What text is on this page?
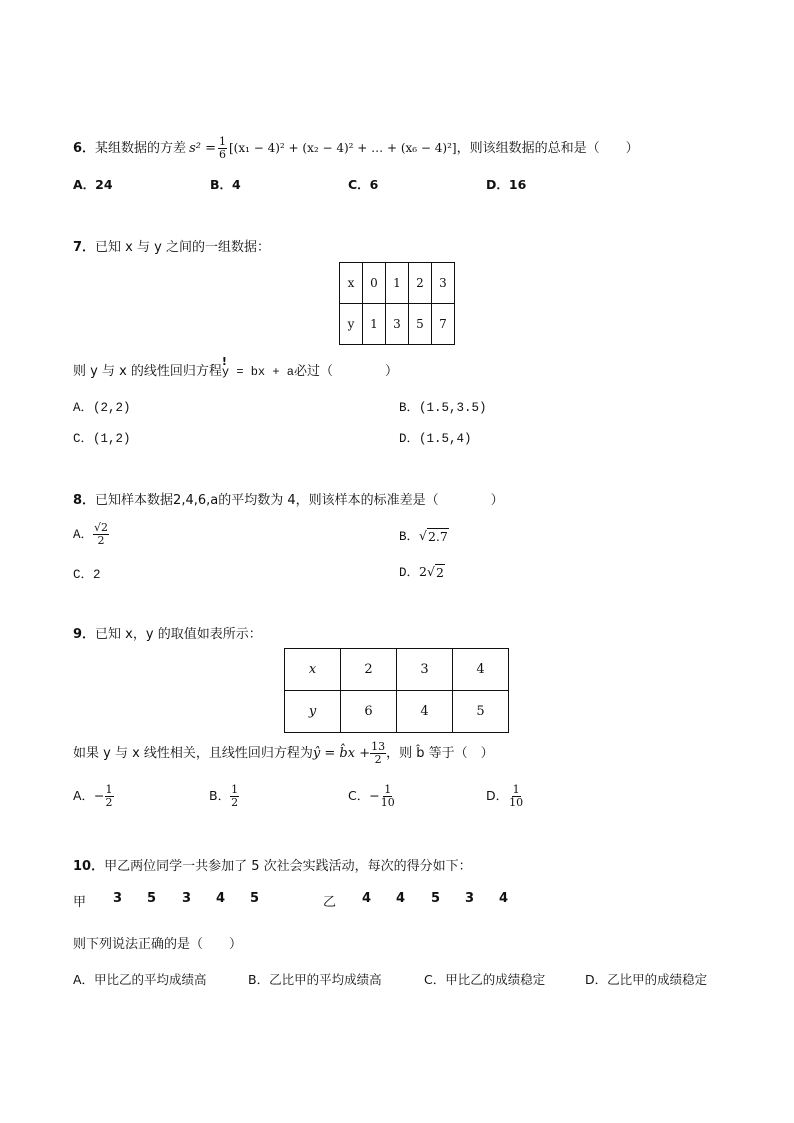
6．某组数据的方差 $s^2 = \frac{1}{6} [(x_1 - 4)^2 + (x_2 - 4)^2$ + … + (x₆ − 4)²]，则该组数据的总和是（　　）
A．24	B．4	C．6	D．16
7．已知 x 与 y 之间的一组数据：
x	0	1	2	3
y	1	3	5	7
则 y 与 x 的线性回归方程
!
y = bx + a必过（　　　　）
A．(2,2)	B．(1.5,3.5)
C．(1,2)	D．(1.5,4)
8．已知样本数据2,4,6,a的平均数为 4，则该样本的标准差是（　　　　）
A． $\frac{√2}{2}$	B．√ 2.7
C．2	D．2√ 2
9．已知 x，y 的取值如表所示：
x	2	3	4
y	6	4	5
如果 y 与 x 线性相关，且线性回归方程为ŷ = b̂x + $\frac{13}{2}$ ，则 b̂ 等于（　）
A．− $\frac{1}{2}$	B． $\frac{1}{2}$	C．− $\frac{1}{10}$	D． $\frac{1}{10}$
10．甲乙两位同学一共参加了 5 次社会实践活动，每次的得分如下：
甲 3 5 3 4 5	乙 4 4 5 3 4
则下列说法正确的是（　　）
A．甲比乙的平均成绩高	B．乙比甲的平均成绩高	C．甲比乙的成绩稳定	D．乙比甲的成绩稳定
